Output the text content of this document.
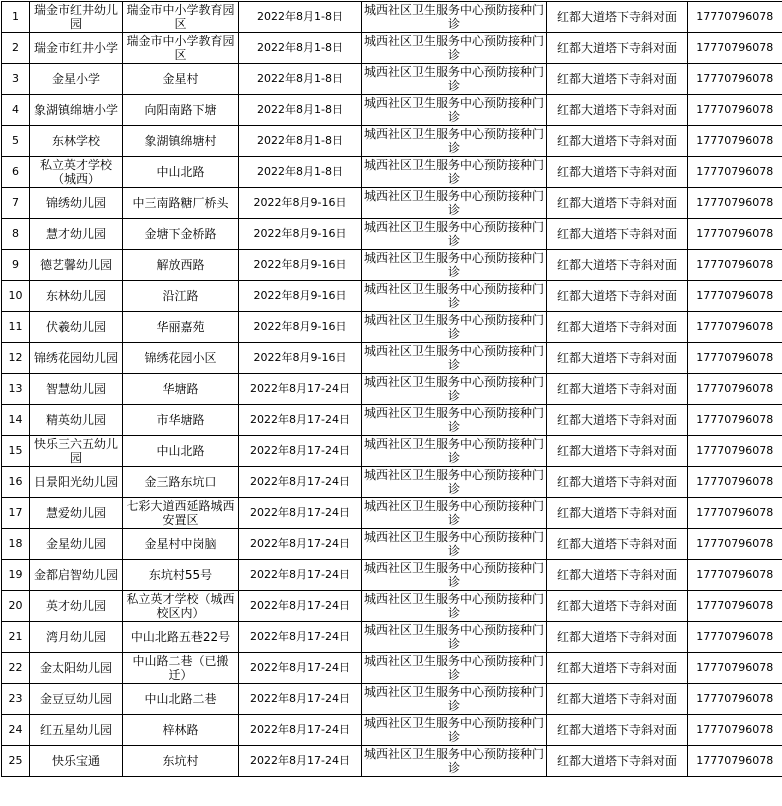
1	瑞金市红井幼儿园	瑞金市中小学教育园区	2022年8月1-8日	城西社区卫生服务中心预防接种门诊	红都大道塔下寺斜对面	17770796078
2	瑞金市红井小学	瑞金市中小学教育园区	2022年8月1-8日	城西社区卫生服务中心预防接种门诊	红都大道塔下寺斜对面	17770796078
3	金星小学	金星村	2022年8月1-8日	城西社区卫生服务中心预防接种门诊	红都大道塔下寺斜对面	17770796078
4	象湖镇绵塘小学	向阳南路下塘	2022年8月1-8日	城西社区卫生服务中心预防接种门诊	红都大道塔下寺斜对面	17770796078
5	东林学校	象湖镇绵塘村	2022年8月1-8日	城西社区卫生服务中心预防接种门诊	红都大道塔下寺斜对面	17770796078
6	私立英才学校（城西）	中山北路	2022年8月1-8日	城西社区卫生服务中心预防接种门诊	红都大道塔下寺斜对面	17770796078
7	锦绣幼儿园	中三南路糖厂桥头	2022年8月9-16日	城西社区卫生服务中心预防接种门诊	红都大道塔下寺斜对面	17770796078
8	慧才幼儿园	金塘下金桥路	2022年8月9-16日	城西社区卫生服务中心预防接种门诊	红都大道塔下寺斜对面	17770796078
9	德艺馨幼儿园	解放西路	2022年8月9-16日	城西社区卫生服务中心预防接种门诊	红都大道塔下寺斜对面	17770796078
10	东林幼儿园	沿江路	2022年8月9-16日	城西社区卫生服务中心预防接种门诊	红都大道塔下寺斜对面	17770796078
11	伏羲幼儿园	华丽嘉苑	2022年8月9-16日	城西社区卫生服务中心预防接种门诊	红都大道塔下寺斜对面	17770796078
12	锦绣花园幼儿园	锦绣花园小区	2022年8月9-16日	城西社区卫生服务中心预防接种门诊	红都大道塔下寺斜对面	17770796078
13	智慧幼儿园	华塘路	2022年8月17-24日	城西社区卫生服务中心预防接种门诊	红都大道塔下寺斜对面	17770796078
14	精英幼儿园	市华塘路	2022年8月17-24日	城西社区卫生服务中心预防接种门诊	红都大道塔下寺斜对面	17770796078
15	快乐三六五幼儿园	中山北路	2022年8月17-24日	城西社区卫生服务中心预防接种门诊	红都大道塔下寺斜对面	17770796078
16	日景阳光幼儿园	金三路东坑口	2022年8月17-24日	城西社区卫生服务中心预防接种门诊	红都大道塔下寺斜对面	17770796078
17	慧爱幼儿园	七彩大道西延路城西安置区	2022年8月17-24日	城西社区卫生服务中心预防接种门诊	红都大道塔下寺斜对面	17770796078
18	金星幼儿园	金星村中岗脑	2022年8月17-24日	城西社区卫生服务中心预防接种门诊	红都大道塔下寺斜对面	17770796078
19	金都启智幼儿园	东坑村55号	2022年8月17-24日	城西社区卫生服务中心预防接种门诊	红都大道塔下寺斜对面	17770796078
20	英才幼儿园	私立英才学校（城西校区内）	2022年8月17-24日	城西社区卫生服务中心预防接种门诊	红都大道塔下寺斜对面	17770796078
21	湾月幼儿园	中山北路五巷22号	2022年8月17-24日	城西社区卫生服务中心预防接种门诊	红都大道塔下寺斜对面	17770796078
22	金太阳幼儿园	中山路二巷（已搬迁）	2022年8月17-24日	城西社区卫生服务中心预防接种门诊	红都大道塔下寺斜对面	17770796078
23	金豆豆幼儿园	中山北路二巷	2022年8月17-24日	城西社区卫生服务中心预防接种门诊	红都大道塔下寺斜对面	17770796078
24	红五星幼儿园	梓林路	2022年8月17-24日	城西社区卫生服务中心预防接种门诊	红都大道塔下寺斜对面	17770796078
25	快乐宝通	东坑村	2022年8月17-24日	城西社区卫生服务中心预防接种门诊	红都大道塔下寺斜对面	17770796078
